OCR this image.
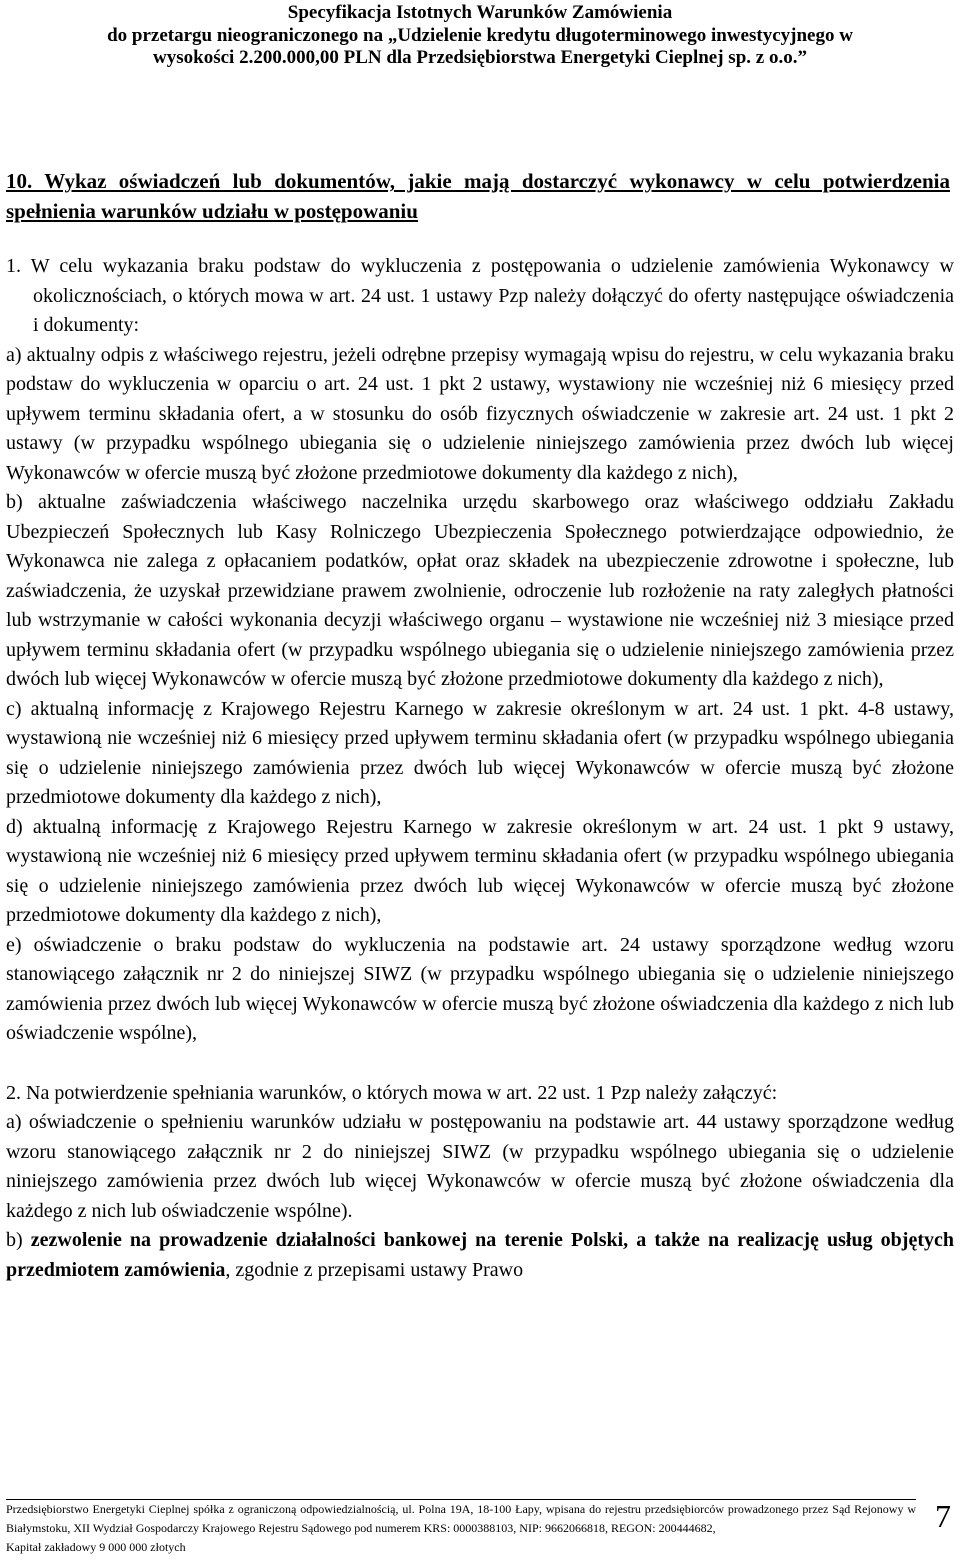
Specyfikacja Istotnych Warunków Zamówienia
do przetargu nieograniczonego na „Udzielenie kredytu długoterminowego inwestycyjnego w
wysokości 2.200.000,00 PLN dla Przedsiębiorstwa Energetyki Cieplnej sp. z o.o.”
10. Wykaz oświadczeń lub dokumentów, jakie mają dostarczyć wykonawcy w celu potwierdzenia spełnienia warunków udziału w postępowaniu

1. W celu wykazania braku podstaw do wykluczenia z postępowania o udzielenie zamówienia Wykonawcy w okolicznościach, o których mowa w art. 24 ust. 1 ustawy Pzp należy dołączyć do oferty następujące oświadczenia i dokumenty:

a) aktualny odpis z właściwego rejestru, jeżeli odrębne przepisy wymagają wpisu do rejestru, w celu wykazania braku podstaw do wykluczenia w oparciu o art. 24 ust. 1 pkt 2 ustawy, wystawiony nie wcześniej niż 6 miesięcy przed upływem terminu składania ofert, a w stosunku do osób fizycznych oświadczenie w zakresie art. 24 ust. 1 pkt 2 ustawy (w przypadku wspólnego ubiegania się o udzielenie niniejszego zamówienia przez dwóch lub więcej Wykonawców w ofercie muszą być złożone przedmiotowe dokumenty dla każdego z nich),

b) aktualne zaświadczenia właściwego naczelnika urzędu skarbowego oraz właściwego oddziału Zakładu Ubezpieczeń Społecznych lub Kasy Rolniczego Ubezpieczenia Społecznego potwierdzające odpowiednio, że Wykonawca nie zalega z opłacaniem podatków, opłat oraz składek na ubezpieczenie zdrowotne i społeczne, lub zaświadczenia, że uzyskał przewidziane prawem zwolnienie, odroczenie lub rozłożenie na raty zaległych płatności lub wstrzymanie w całości wykonania decyzji właściwego organu – wystawione nie wcześniej niż 3 miesiące przed upływem terminu składania ofert (w przypadku wspólnego ubiegania się o udzielenie niniejszego zamówienia przez dwóch lub więcej Wykonawców w ofercie muszą być złożone przedmiotowe dokumenty dla każdego z nich),

c) aktualną informację z Krajowego Rejestru Karnego w zakresie określonym w art. 24 ust. 1 pkt. 4-8 ustawy, wystawioną nie wcześniej niż 6 miesięcy przed upływem terminu składania ofert (w przypadku wspólnego ubiegania się o udzielenie niniejszego zamówienia przez dwóch lub więcej Wykonawców w ofercie muszą być złożone przedmiotowe dokumenty dla każdego z nich),

d) aktualną informację z Krajowego Rejestru Karnego w zakresie określonym w art. 24 ust. 1 pkt 9 ustawy, wystawioną nie wcześniej niż 6 miesięcy przed upływem terminu składania ofert (w przypadku wspólnego ubiegania się o udzielenie niniejszego zamówienia przez dwóch lub więcej Wykonawców w ofercie muszą być złożone przedmiotowe dokumenty dla każdego z nich),

e) oświadczenie o braku podstaw do wykluczenia na podstawie art. 24 ustawy sporządzone według wzoru stanowiącego załącznik nr 2 do niniejszej SIWZ (w przypadku wspólnego ubiegania się o udzielenie niniejszego zamówienia przez dwóch lub więcej Wykonawców w ofercie muszą być złożone oświadczenia dla każdego z nich lub oświadczenie wspólne),

2. Na potwierdzenie spełniania warunków, o których mowa w art. 22 ust. 1 Pzp należy załączyć:

a) oświadczenie o spełnieniu warunków udziału w postępowaniu na podstawie art. 44 ustawy sporządzone według wzoru stanowiącego załącznik nr 2 do niniejszej SIWZ (w przypadku wspólnego ubiegania się o udzielenie niniejszego zamówienia przez dwóch lub więcej Wykonawców w ofercie muszą być złożone oświadczenia dla każdego z nich lub oświadczenie wspólne).

b) zezwolenie na prowadzenie działalności bankowej na terenie Polski, a także na realizację usług objętych przedmiotem zamówienia, zgodnie z przepisami ustawy Prawo

Przedsiębiorstwo Energetyki Cieplnej spółka z ograniczoną odpowiedzialnością, ul. Polna 19A, 18-100 Łapy, wpisana do rejestru przedsiębiorców prowadzonego przez Sąd Rejonowy w Białymstoku, XII Wydział Gospodarczy Krajowego Rejestru Sądowego pod numerem KRS: 0000388103, NIP: 9662066818, REGON: 200444682,

Kapitał zakładowy 9 000 000 złotych

7
